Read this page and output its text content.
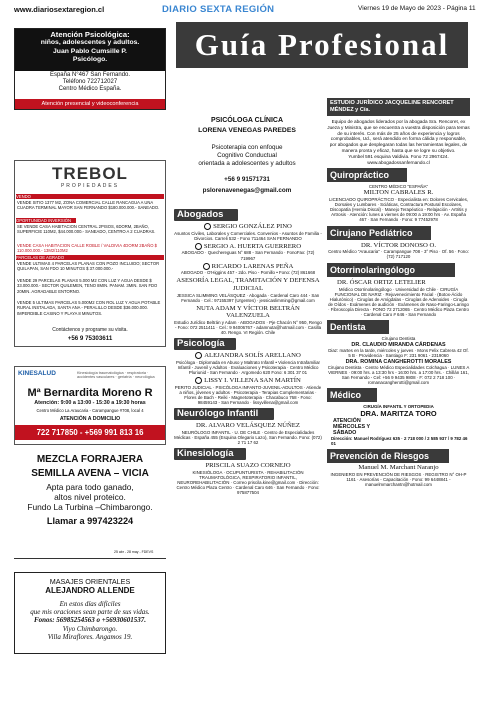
www.diariosextaregion.cl	DIARIO SEXTA REGIÓN	Viernes 19 de Mayo de 2023 - Página 11
Atención Psicológica:
niños, adolescentes y adultos.
Juan Pablo Cumsille P.
Psicólogo.
España N°467 San Fernando.
Teléfono 722712027
Centro Médico España.
Atención presencial y videoconferencia
TREBOL
PROPIEDADES
VENDO
VENDE SITIO 1377 M2, ZONA COMERCIAL CALLE RANCAGUA A UNA CUADRA TERMINAL MAYOR SAN FERNANDO $180.000.000.- SANEADO.
OPORTUNIDAD INVERSIÓN
SE VENDE CASA HABITACION CENTRAL 2PISOS, 6DORM, 2BAÑO, SUPERFICIE 110M2, $44.000.000.- SANEADO, CENTRO A 2 CUADRAS.
VENDE CASA HABITACION CALLE ROBLE / VALDIVIA 4DORM 2BAÑO $ 110.000.000.- 13M2/110M2
PARCELAS DE AGRADO
VENDE ULTIMAS 4 PARCELAS PLANAS CON POZO INCLUIDO; SECTOR QUILAPAN, SAN FDO 10 MINUTOS $ 37.000.000.-
VENDE 29 PARCELAS PLANAS 5.000 M2 CON LUZ Y AGUA DESDE $ 33.000.000.- SECTOR QUILEMEN, TENO 8MIN. PANAM. 3MIN. SAN FDO 20MIN. AGRADABLE ENTORNO.
VENDE 5 ULTIMAS PARCELAS 5.000M2 CON ROL LUZ Y AGUA POTABLE RURAL INSTALADA, SANTA ANA - PERALILLO DESDE $36.000.000. IMPERDIBLE CASINO Y PLAYA 8 MINUTOS.
Contáctenos y programe su visita.
+56 9 75303611
KINESALUD	Kinesiología traumatológica · respiratoria · accidentes vasculares · geriatría · neurológica
Mª Bernardita Moreno R
Atención: 9:00 a 13:00 - 15:30 a 19:30 horas
Centro Médico La Araucaria - Carampangue #708, local 4
ATENCIÓN A DOMICILIO
722 717850 - +569 991 813 16
MEZCLA FORRAJERA
SEMILLA AVENA – VICIA
Apta para todo ganado,
altos nivel proteico.
Fundo La Turbina –Chimbarongo.
Llamar a 997423224
25 abr - 28 may - FDEVS
MASAJES ORIENTALES
ALEJANDRO ALLENDE
En estos días difíciles
que mis oraciones sean parte de sus vidas.
Fonos: 56985254563 o +56930601537.
Viyo Chimbarongo.
Villa Miraflores. Angamos 19.
Guía Profesional
PSICÓLOGA CLÍNICA
LORENA VENEGAS PAREDES
Psicoterapia con enfoque
Cognitivo Conductual
orientada a adolescentes y adultos
+56 9 91571731
pslorenavenegas@gmail.com
Abogados
SERGIO GONZÁLEZ PINO
Asuntos Civiles, Laborales y Comerciales. Convenios - Asuntos de Familia - Divorcios. Carreli 532 - Fono 711464 SAN FERNANDO
SERGIO A. HUERTA GUERRERO
ABOGADO · Quechereguas N° 688 - San Fernando · FonoFax: (72) 719967
RICARDO LARENAS PEÑA
ABOGADO · O'Higgins 457 - 2do. Piso - Pomillo • Fono: (72) 861668
ASESORÍA LEGAL, TRAMITACIÓN Y DEFENSA JUDICIAL
JESSICA SLIMMING VELÁSQUEZ · Abogada · Cardenal Caro 444 - San Fernando · Cel.: 97155397 (Urgentes) · jessicaslimming@gmail.com
NUTA ADAM Y VÍCTOR BELTRÁN VALENZUELA
Estudio Jurídico Beltrán y Adam · ABOGADOS · Pje Chacón N° 950, Rengo - Fono: 072 2511411 · Cel.: 9 94006767 - adamnuta@hotmail.com · Casilla 40. Rengo. VI Región. Chile
Psicología
ALEJANDRA SOLÍS ARELLANO
Psicóloga · Diplomada en Abuso y Maltrato Infantil • Violencia Intrafamiliar Infantil - Juvenil y Adultos · Evaluaciones y Psicoterapia · Centro Médico Pluriunid - San Fernando · Argomedo 620 Fono: 6 301 37 01
LISSY I. VILLENA SAN MARTÍN
PERITO JUDICIAL · PSICÓLOGA INFANTO-JUVENIL-ADULTOS · Atiende a niños, jóvenes y adultos · Psicoterapia - Terapias Complementarias · Flores de Bach - Reiki - Magnetoterapia · Chacabuco 768 - Fono: 98459143 - San Fernando · lissyvillena@gmail.com
Neurólogo Infantil
DR. ALVARO VELÁSQUEZ NÚÑEZ
NEURÓLOGO INFANTIL · U. DE CHILE · Centro de Especialidades Médicas · España 455 (Esquina Olegario Lazo), San Fernando. Fono: (072) 2 71 17 62
Kinesiología
PRISCILA SUAZO CORNEJO
KINESIÓLOGA · OCUPUNTURISTA · REHABILITACIÓN TRAUMATOLÓGICA, RESPIRATORIO INFANTIL, NEUROREHABILITACIÓN · Correo priscila.kine@gmail.com · Dirección: Centro Médico Plaza Centro · Cardenal Caro 646 · San Fernando · Fono: 975877504
ESTUDIO JURÍDICO JACQUELINE RENCORET MÉNDEZ y Cía.
Equipo de abogados liderados por la abogada Sra. Rencoret, ex Jueza y Ministra, que se encuentra a vuestra disposición para temas de su interés. Con más de 25 años de experiencia y logros comprobables, Ud., será atendido en forma cálida y responsable, por abogados que desplegaran todas las herramientas legales, de manera pronta y eficaz, hasta que se logre su objetivo.
Yumbel 591 esquina Valdivia. Fono 72 2967424.
www.abogadossanfernando.cl
Quiropráctico
CENTRO MÉDICO "ESPAÑA"
MILTON CABRALES R.
LICENCIADO QUIROPRÁCTICO · Especialista en: Dolores Cervicales, Dorsales y Lumbares · Sciáticas, Contractura Postural Escolares, Discopatía (Hernia Discal) · Manejo Terapéutico - Relajación - Artritis y Artrosis · Atención: lunes a viernes de 09:00 a 19:00 hrs · Av. España 467 · San Fernando · Fono: 9 77452978
Cirujano Pediátrico
DR. VÍCTOR DONOSO O.
Centro Médico "Araucaria" · Carampangue 708 - 3° Piso · Of. 56 · Fono: (72) 717120
Otorrinolaringólogo
DR. ÓSCAR ORTIZ LETELIER
Médico Otorrinolaringólogo · Universidad de Chile · CIRUGÍA FUNCIONAL DE NARIZ · Rejuvenecimiento Facial · (Botox-Ácido Hialurónico) · Cirugías de Amígdalas - Cirugías de Adenoides · Cirugía de Oídos - Exámenes de audición · Exámenes de Naso-Faringo-Laringo · Fibroscopía Directa · FONO 72 2712065 · Centro Médico Plaza Centro · Cardenal Caro # 646 - San Fernando
Dentista
Cirujano Dentista
DR. CLAUDIO MIRANDA CÁRDENAS
Diaz: martes en la tarde, miércoles y jueves · Mons Felix Cabrera 42 Of. 5 B · Providencia · Santiago F: 231 9061 - 2319060
DRA. ROMINA CANGHEROTTI MORALES
Cirujano Dentista · Centro Médico Especialidades Colchagua · LUNES A VIERNES · 09:00 hrs. a 13:30 hrs - 16:00 hrs. a 17:00 hrs. · Chillán 161, San Fernando - Cel: +56 9 9435 9808 · F: 072 2 718 100 · romanacangherotti@gmail.com
Médico
CIRUGÍA INFANTIL Y ORTOPEDIA
DRA. MARITZA TORO
ATENCIÓN MIÉRCOLES Y SÁBADO
Dirección: Manuel Rodríguez 635 · 2 718 000 / 2 585 937 / 9 782 46 01
Prevención de Riesgos
Manuel M. Marchant Naranjo
INGENIERO EN PREVENCIÓN DE RIESGOS · REGISTRO N° OH-P 1161 · Asesorías - Capacitación · Fono: 99 6448841 - manuelmmarchantn@hotmail.com
